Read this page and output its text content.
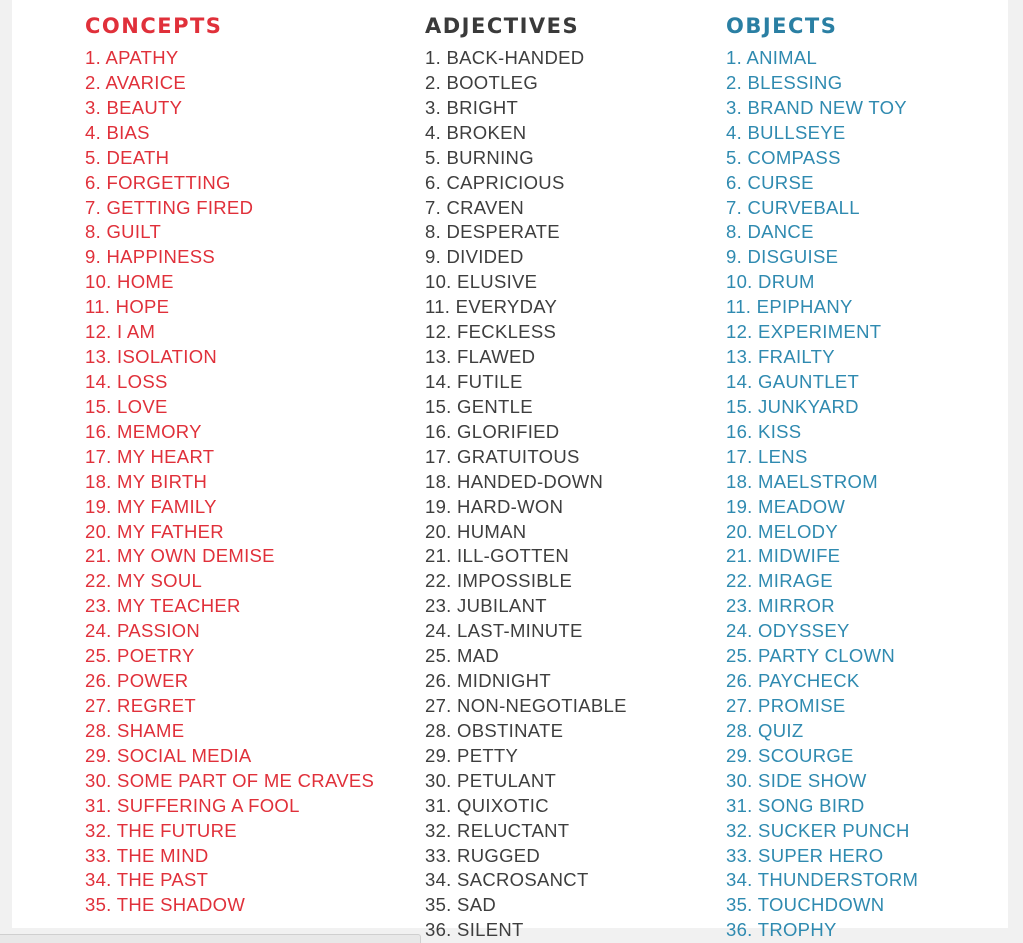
CONCEPTS
1. APATHY
2. AVARICE
3. BEAUTY
4. BIAS
5. DEATH
6. FORGETTING
7. GETTING FIRED
8. GUILT
9. HAPPINESS
10. HOME
11. HOPE
12. I AM
13. ISOLATION
14. LOSS
15. LOVE
16. MEMORY
17. MY HEART
18. MY BIRTH
19. MY FAMILY
20. MY FATHER
21. MY OWN DEMISE
22. MY SOUL
23. MY TEACHER
24. PASSION
25. POETRY
26. POWER
27. REGRET
28. SHAME
29. SOCIAL MEDIA
30. SOME PART OF ME CRAVES
31. SUFFERING A FOOL
32. THE FUTURE
33. THE MIND
34. THE PAST
35. THE SHADOW
ADJECTIVES
1. BACK-HANDED
2. BOOTLEG
3. BRIGHT
4. BROKEN
5. BURNING
6. CAPRICIOUS
7. CRAVEN
8. DESPERATE
9. DIVIDED
10. ELUSIVE
11. EVERYDAY
12. FECKLESS
13. FLAWED
14. FUTILE
15. GENTLE
16. GLORIFIED
17. GRATUITOUS
18. HANDED-DOWN
19. HARD-WON
20. HUMAN
21. ILL-GOTTEN
22. IMPOSSIBLE
23. JUBILANT
24. LAST-MINUTE
25. MAD
26. MIDNIGHT
27. NON-NEGOTIABLE
28. OBSTINATE
29. PETTY
30. PETULANT
31. QUIXOTIC
32. RELUCTANT
33. RUGGED
34. SACROSANCT
35. SAD
36. SILENT
OBJECTS
1. ANIMAL
2. BLESSING
3. BRAND NEW TOY
4. BULLSEYE
5. COMPASS
6. CURSE
7. CURVEBALL
8. DANCE
9. DISGUISE
10. DRUM
11. EPIPHANY
12. EXPERIMENT
13. FRAILTY
14. GAUNTLET
15. JUNKYARD
16. KISS
17. LENS
18. MAELSTROM
19. MEADOW
20. MELODY
21. MIDWIFE
22. MIRAGE
23. MIRROR
24. ODYSSEY
25. PARTY CLOWN
26. PAYCHECK
27. PROMISE
28. QUIZ
29. SCOURGE
30. SIDE SHOW
31. SONG BIRD
32. SUCKER PUNCH
33. SUPER HERO
34. THUNDERSTORM
35. TOUCHDOWN
36. TROPHY
